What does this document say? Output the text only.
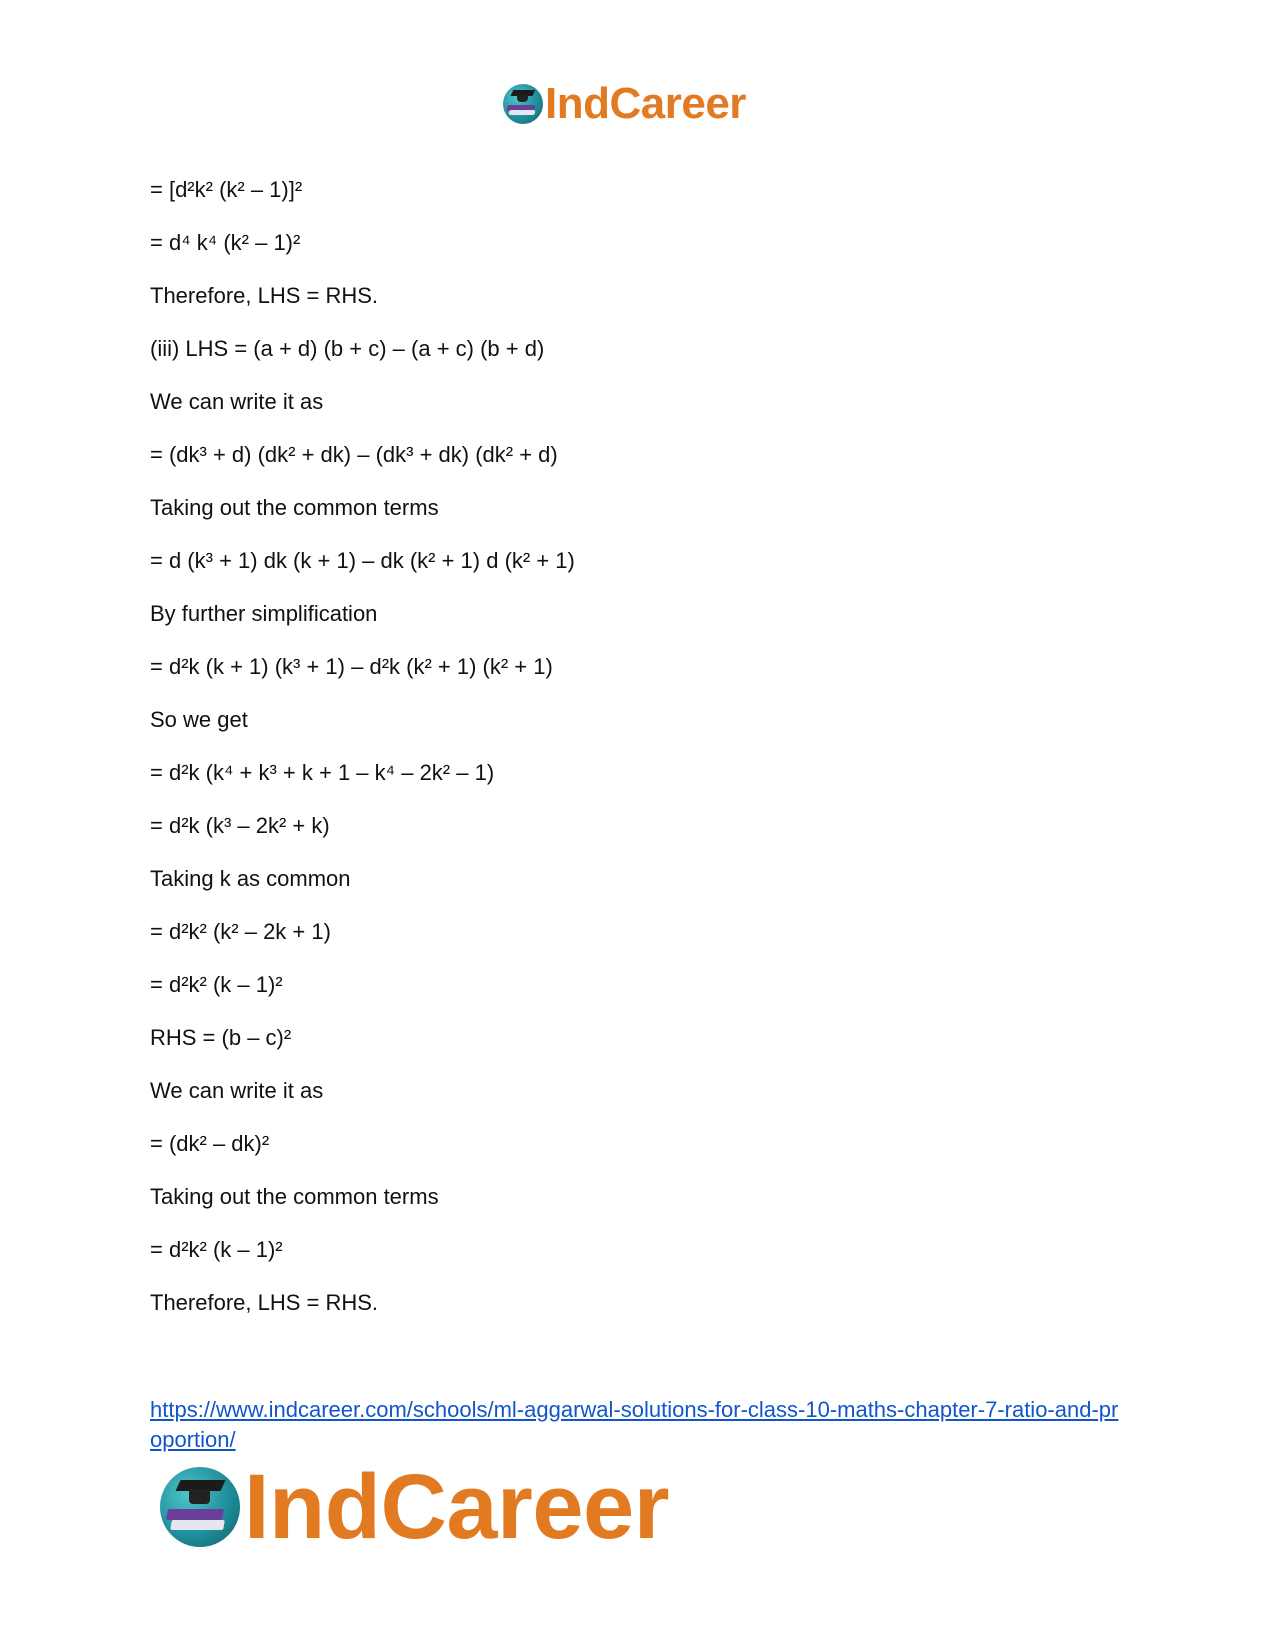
IndCareer
= [d²k² (k² – 1)]²
= d⁴ k⁴ (k² – 1)²
Therefore, LHS = RHS.
(iii) LHS = (a + d) (b + c) – (a + c) (b + d)
We can write it as
= (dk³ + d) (dk² + dk) – (dk³ + dk) (dk² + d)
Taking out the common terms
= d (k³ + 1) dk (k + 1) – dk (k² + 1) d (k² + 1)
By further simplification
= d²k (k + 1) (k³ + 1) – d²k (k² + 1) (k² + 1)
So we get
= d²k (k⁴ + k³ + k + 1 – k⁴ – 2k² – 1)
= d²k (k³ – 2k² + k)
Taking k as common
= d²k² (k² – 2k + 1)
= d²k² (k – 1)²
RHS = (b – c)²
We can write it as
= (dk² – dk)²
Taking out the common terms
= d²k² (k – 1)²
Therefore, LHS = RHS.
https://www.indcareer.com/schools/ml-aggarwal-solutions-for-class-10-maths-chapter-7-ratio-and-proportion/
IndCareer
